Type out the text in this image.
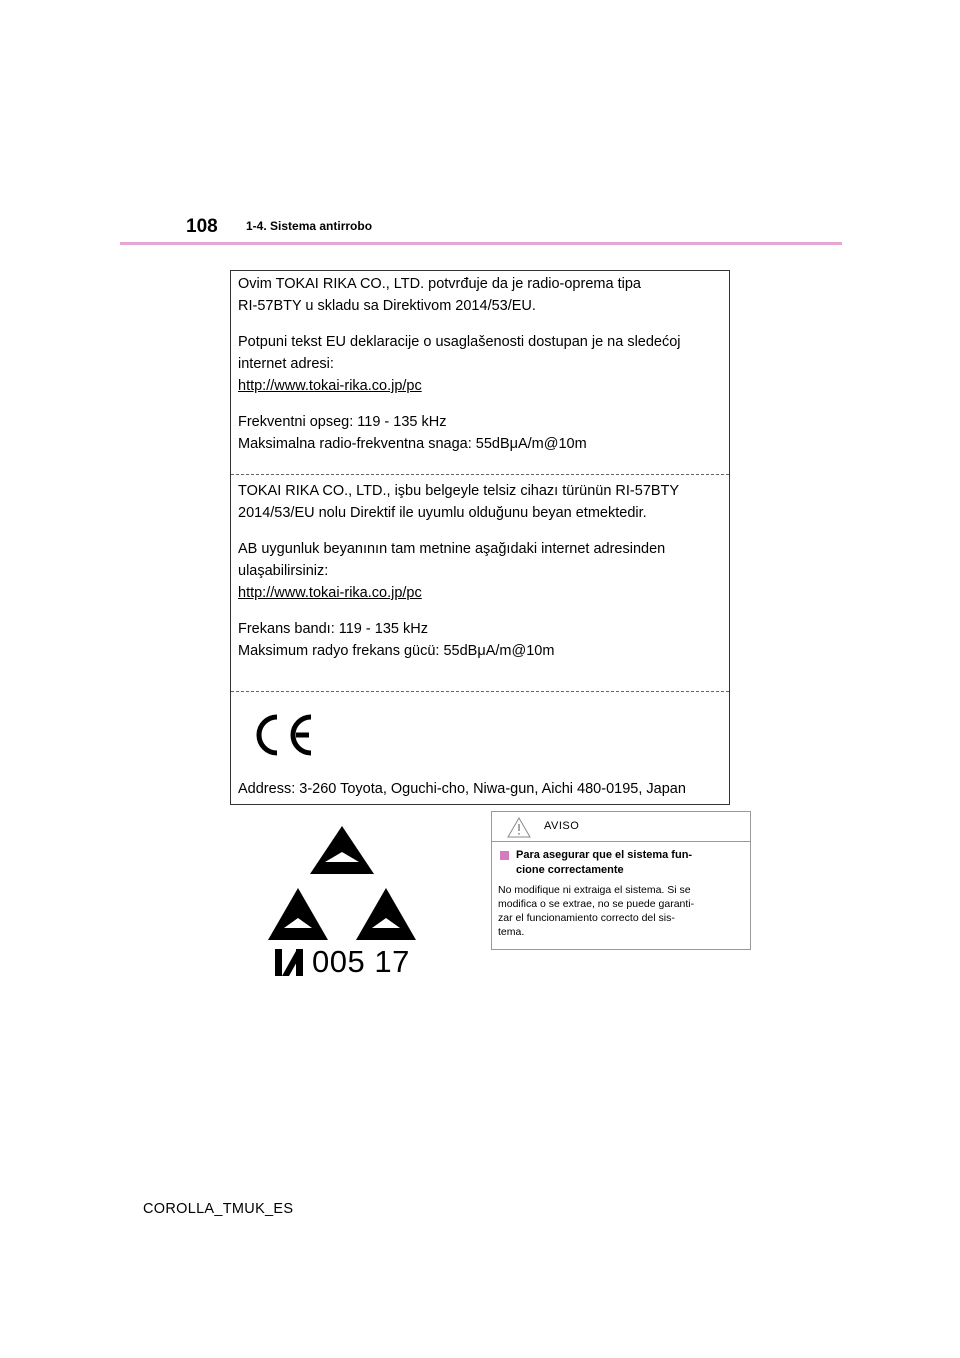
108 1-4. Sistema antirrobo

Ovim TOKAI RIKA CO., LTD. potvrđuje da je radio-oprema tipa

RI-57BTY u skladu sa Direktivom 2014/53/EU.

Potpuni tekst EU deklaracije o usaglašenosti dostupan je na sledećoj

internet adresi:

http://www.tokai-rika.co.jp/pc

Frekventni opseg: 119 - 135 kHz

Maksimalna radio-frekventna snaga: 55dBμA/m@10m

TOKAI RIKA CO., LTD., işbu belgeyle telsiz cihazı türünün RI-57BTY

2014/53/EU nolu Direktif ile uyumlu olduğunu beyan etmektedir.

AB uygunluk beyanının tam metnine aşağıdaki internet adresinden

ulaşabilirsiniz:

http://www.tokai-rika.co.jp/pc

Frekans bandı: 119 - 135 kHz

Maksimum radyo frekans gücü: 55dBμA/m@10m

Address: 3-260 Toyota, Oguchi-cho, Niwa-gun, Aichi 480-0195, Japan
005 17
AVISO
Para asegurar que el sistema fun-
cione correctamente
No modifique ni extraiga el sistema. Si se
modifica o se extrae, no se puede garanti-
zar el funcionamiento correcto del sis-
tema.
COROLLA_TMUK_ES
